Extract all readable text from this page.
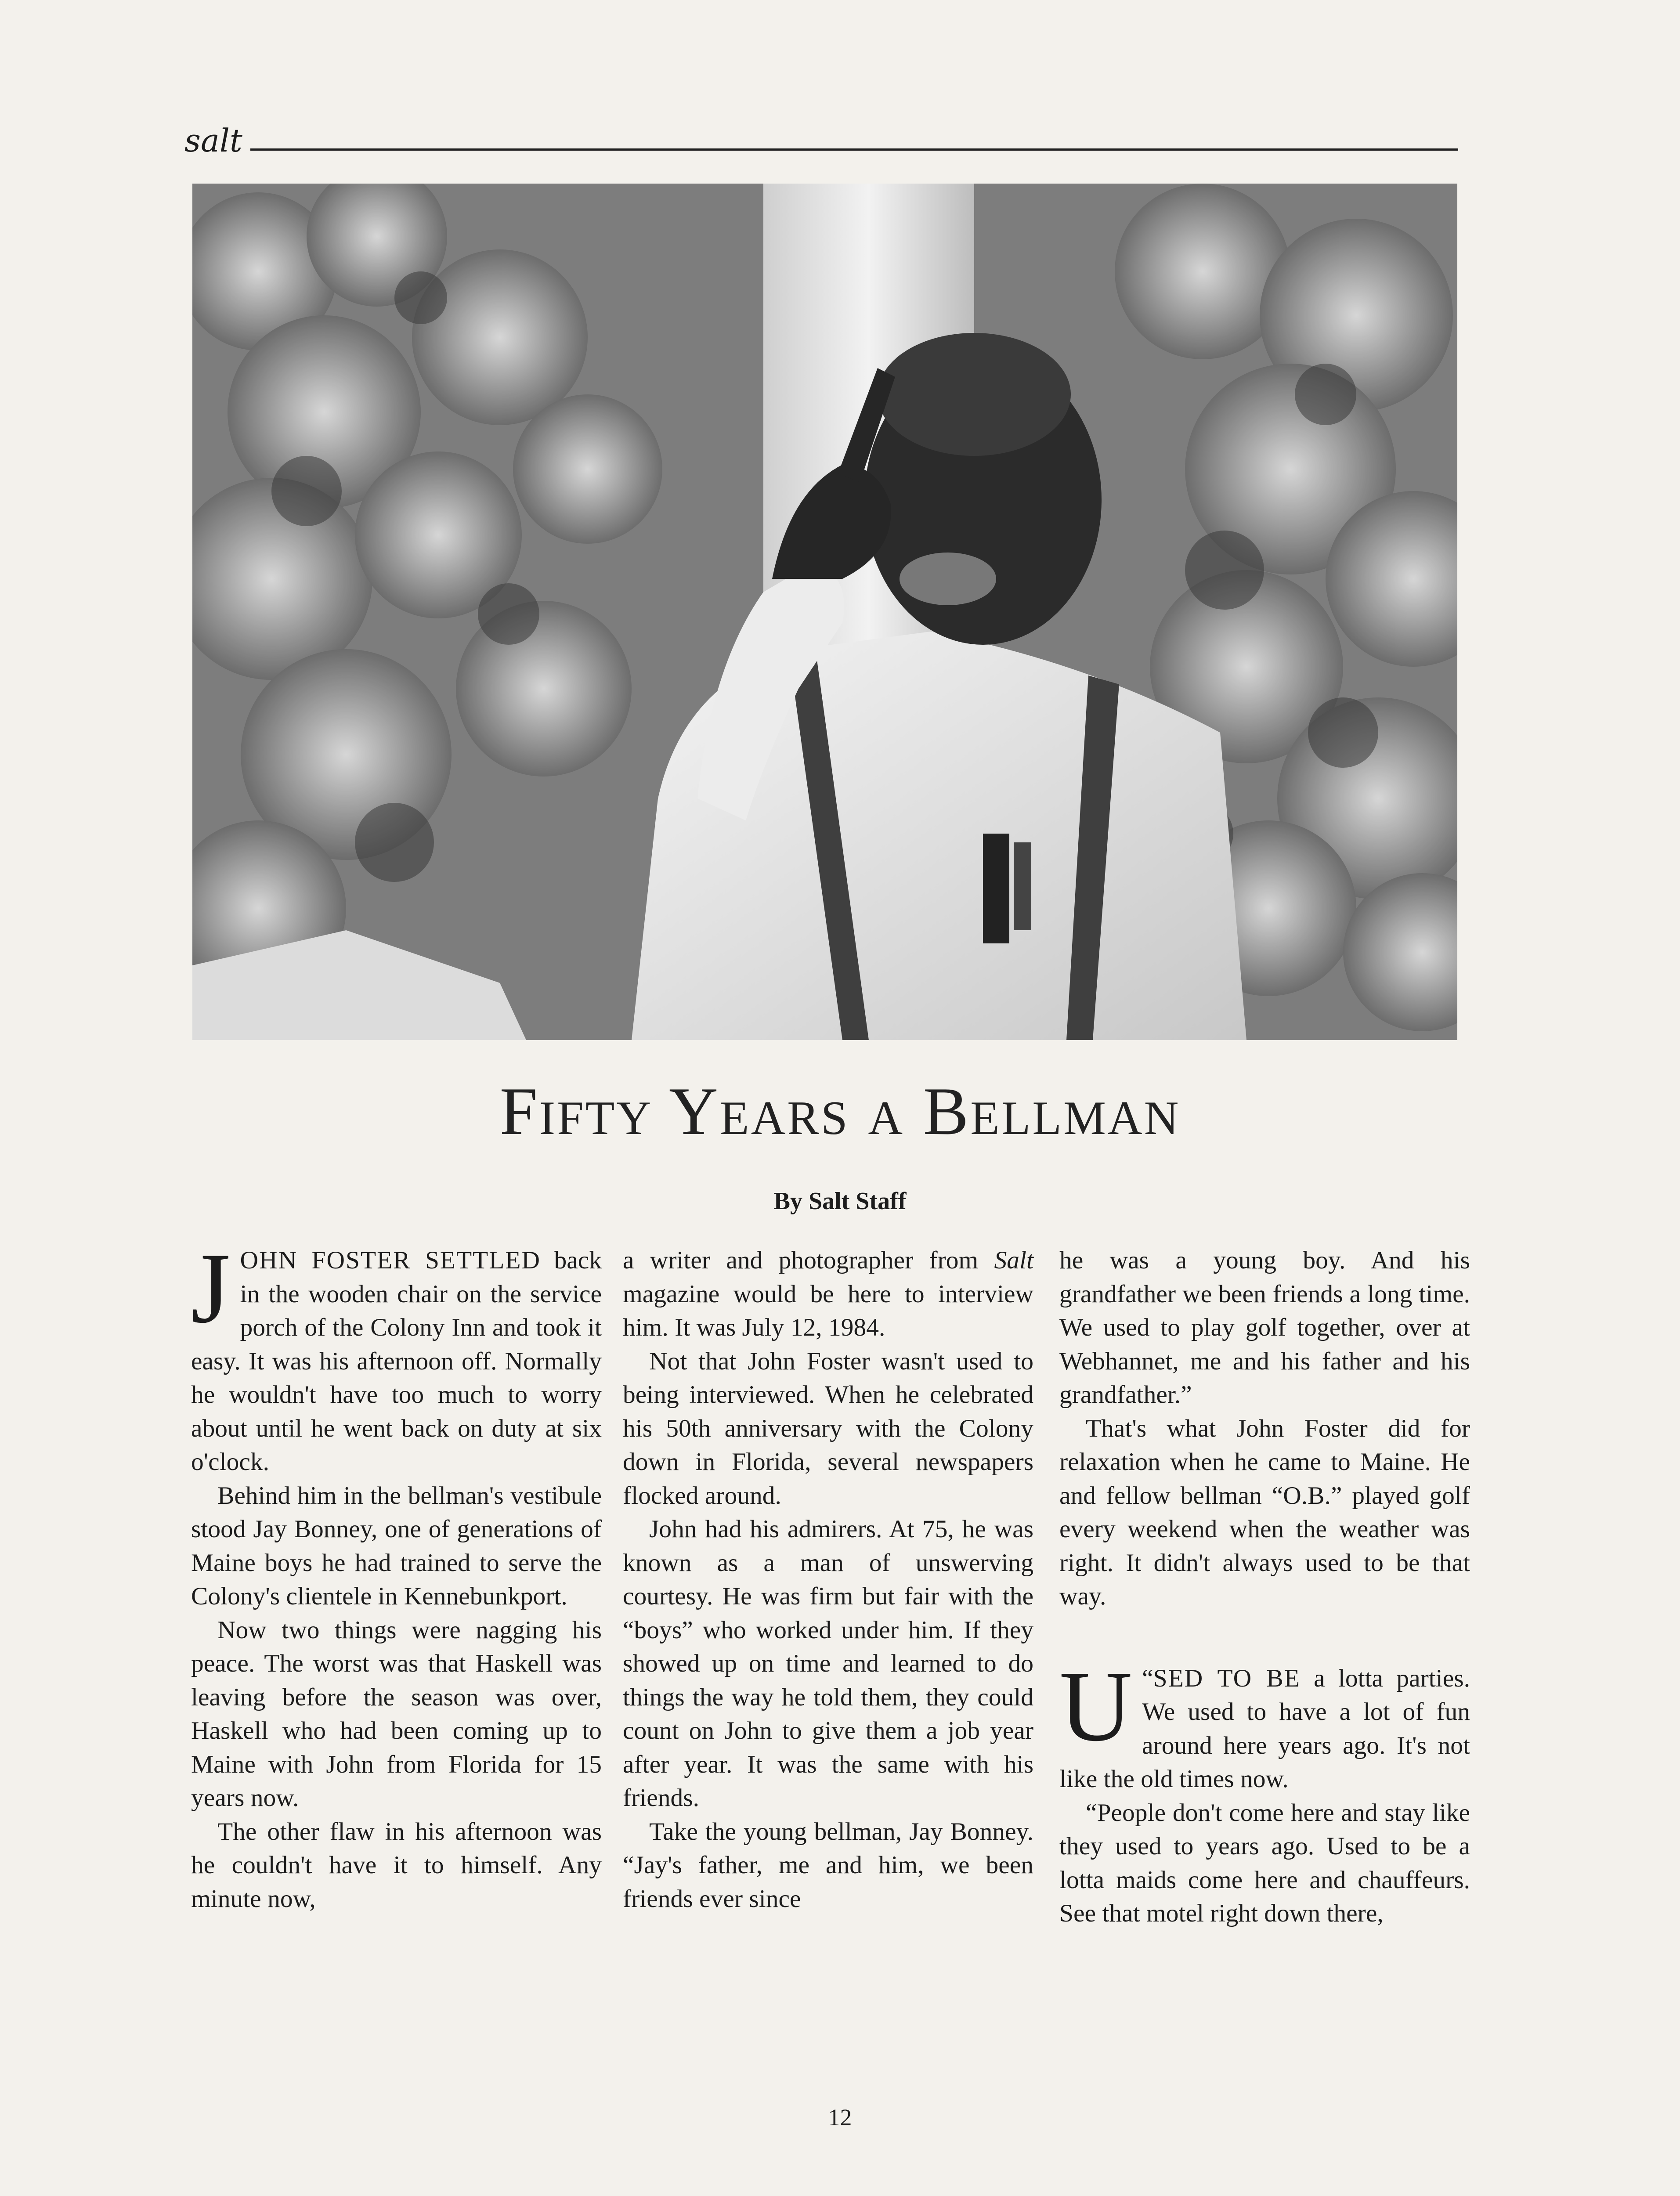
salt
Fifty Years a Bellman
By Salt Staff

JOHN FOSTER SETTLED back in the wooden chair on the service porch of the Colony Inn and took it easy. It was his afternoon off. Normally he wouldn't have too much to worry about until he went back on duty at six o'clock.

Behind him in the bellman's vestibule stood Jay Bonney, one of generations of Maine boys he had trained to serve the Colony's clientele in Kennebunkport.

Now two things were nagging his peace. The worst was that Haskell was leaving before the season was over, Haskell who had been coming up to Maine with John from Florida for 15 years now.

The other flaw in his afternoon was he couldn't have it to himself. Any minute now,

a writer and photographer from Salt magazine would be here to interview him. It was July 12, 1984.

Not that John Foster wasn't used to being interviewed. When he celebrated his 50th anniversary with the Colony down in Florida, several newspapers flocked around.

John had his admirers. At 75, he was known as a man of unswerving courtesy. He was firm but fair with the “boys” who worked under him. If they showed up on time and learned to do things the way he told them, they could count on John to give them a job year after year. It was the same with his friends.

Take the young bellman, Jay Bonney. “Jay's father, me and him, we been friends ever since

he was a young boy. And his grandfather we been friends a long time. We used to play golf together, over at Webhannet, me and his father and his grandfather.”

That's what John Foster did for relaxation when he came to Maine. He and fellow bellman “O.B.” played golf every weekend when the weather was right. It didn't always used to be that way.

“
U SED TO BE a lotta parties. We used to have a lot of fun around here years ago. It's not like the old times now.

“People don't come here and stay like they used to years ago. Used to be a lotta maids come here and chauffeurs. See that motel right down there,

12
